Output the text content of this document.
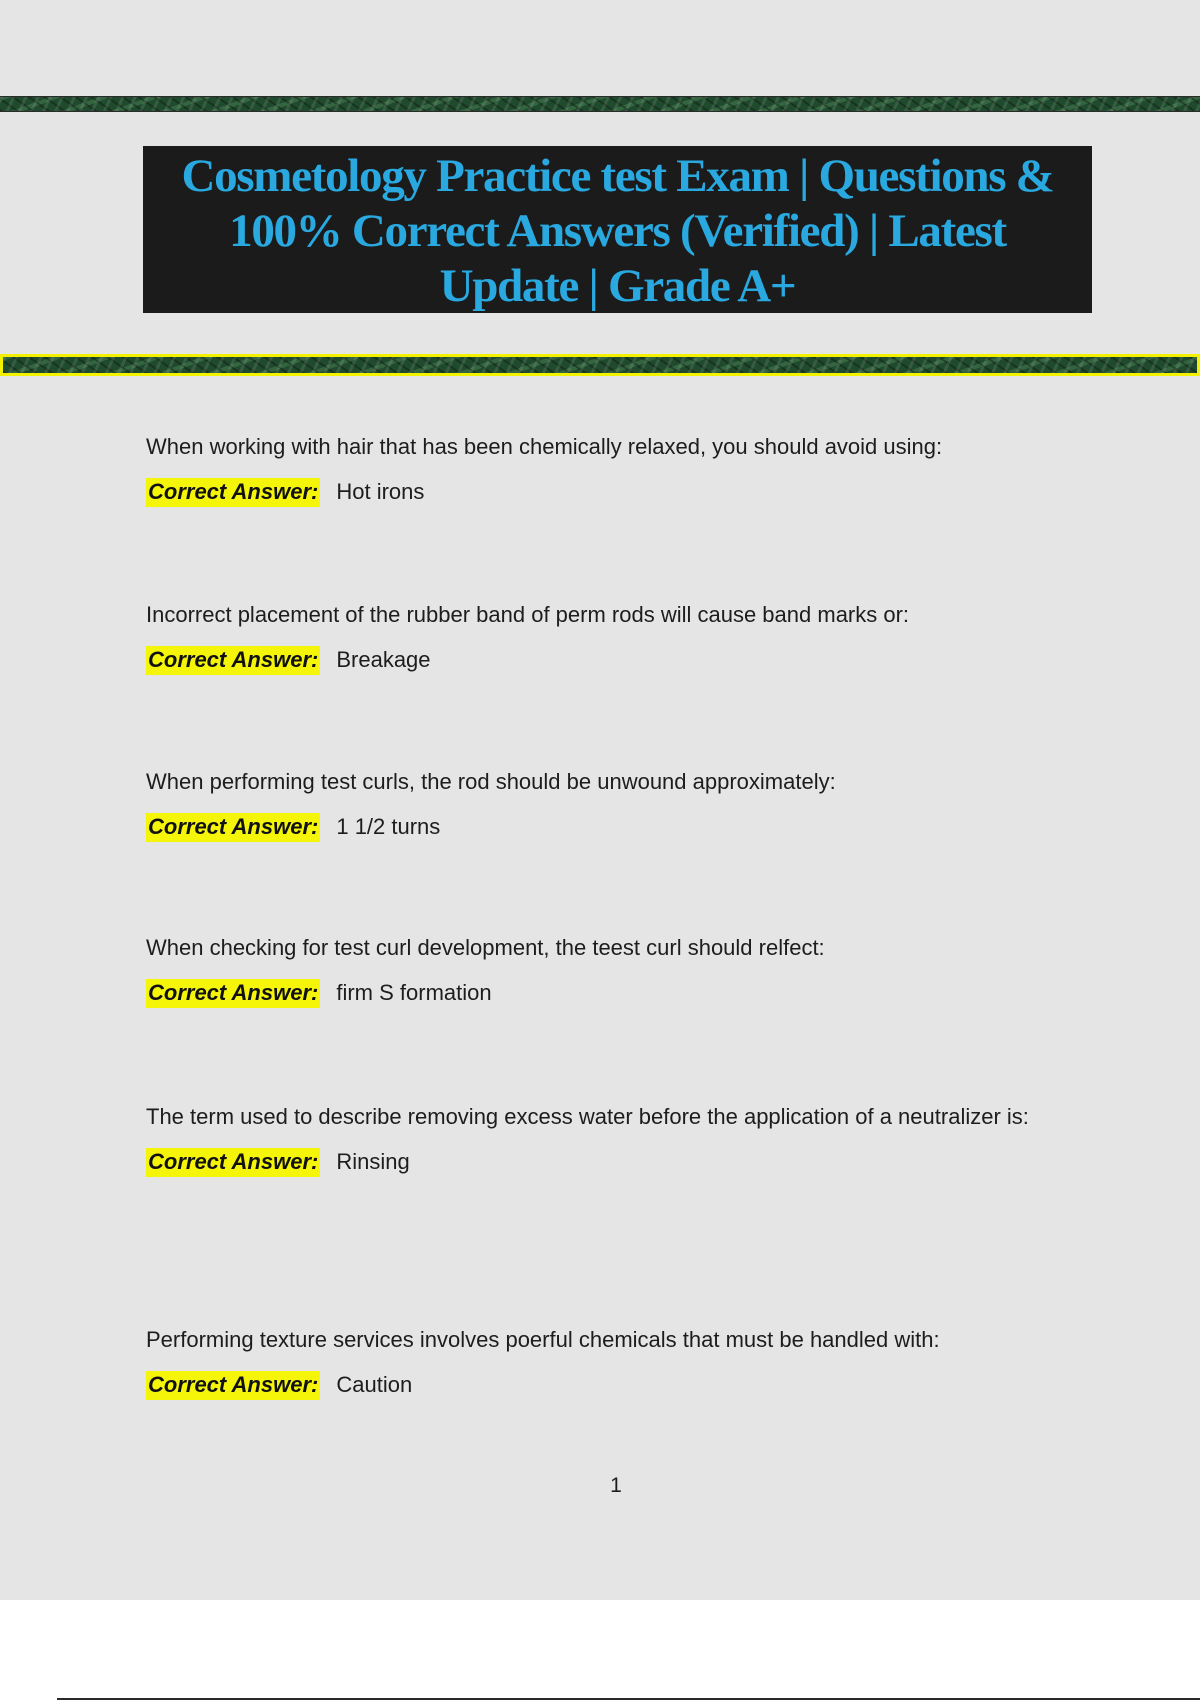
Cosmetology Practice test Exam | Questions & 100% Correct Answers (Verified) | Latest Update | Grade A+

When working with hair that has been chemically relaxed, you should avoid using:

Correct Answer: Hot irons

Incorrect placement of the rubber band of perm rods will cause band marks or:

Correct Answer: Breakage

When performing test curls, the rod should be unwound approximately:

Correct Answer: 1 1/2 turns

When checking for test curl development, the teest curl should relfect:

Correct Answer: firm S formation

The term used to describe removing excess water before the application of a neutralizer is:

Correct Answer: Rinsing

Performing texture services involves poerful chemicals that must be handled with:

Correct Answer: Caution
1
